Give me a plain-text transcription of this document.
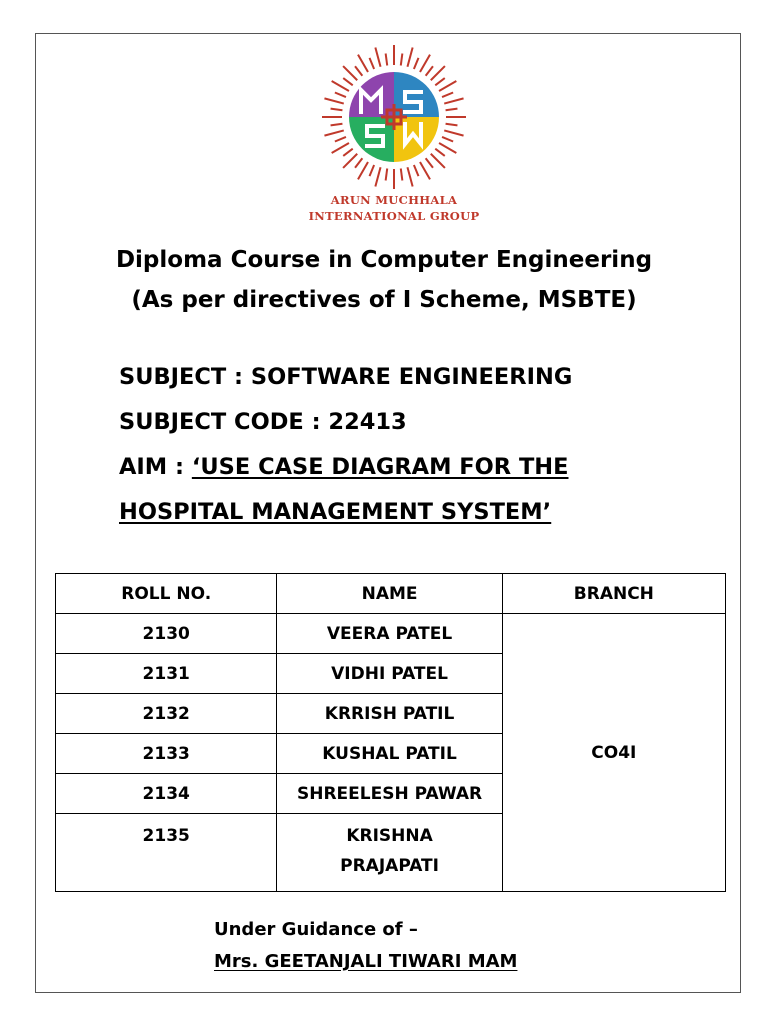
ARUN MUCHHALA
INTERNATIONAL GROUP
Diploma Course in Computer Engineering
(As per directives of I Scheme, MSBTE)
SUBJECT : SOFTWARE ENGINEERING
SUBJECT CODE : 22413
AIM : ‘USE CASE DIAGRAM FOR THE
HOSPITAL MANAGEMENT SYSTEM’
ROLL NO.	NAME	BRANCH
2130	VEERA PATEL	CO4I
2131	VIDHI PATEL	
2132	KRRISH PATIL	
2133	KUSHAL PATIL	
2134	SHREELESH PAWAR	
2135	KRISHNA
PRAJAPATI	
Under Guidance of –
Mrs. GEETANJALI TIWARI MAM
